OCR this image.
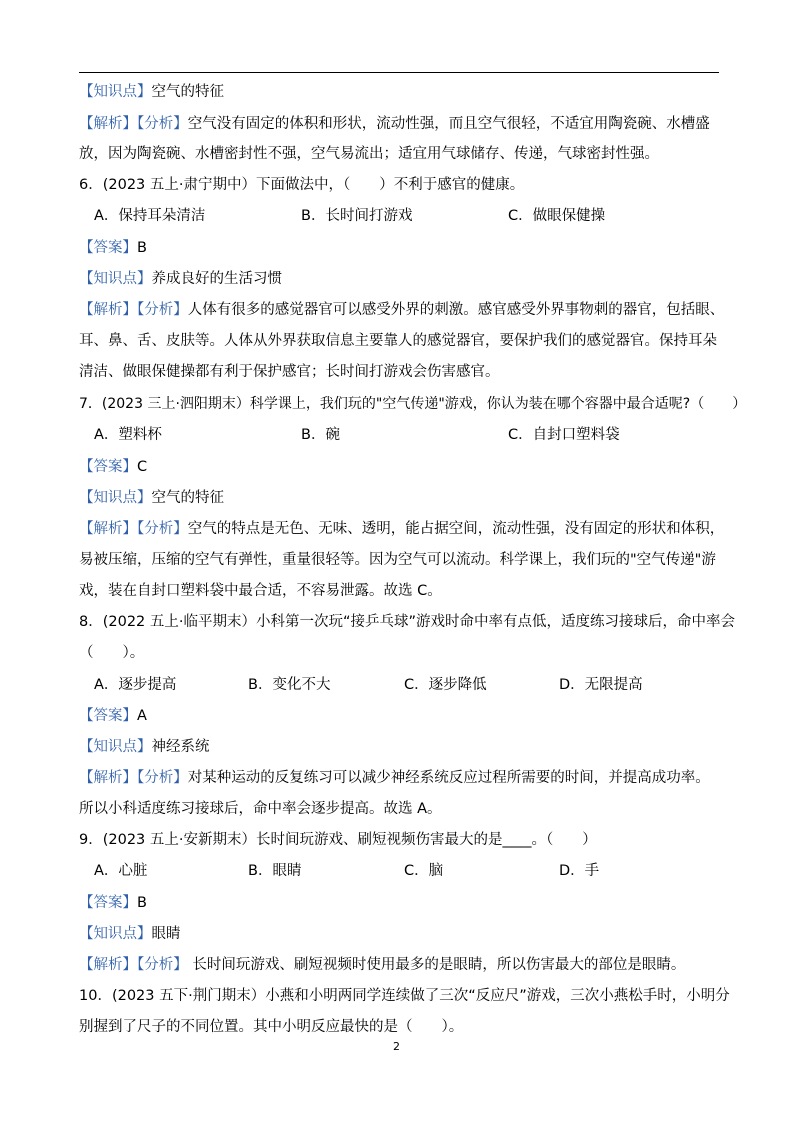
【知识点】空气的特征
【解析】【分析】空气没有固定的体积和形状，流动性强，而且空气很轻，不适宜用陶瓷碗、水槽盛
放，因为陶瓷碗、水槽密封性不强，空气易流出；适宜用气球储存、传递，气球密封性强。
6．(2023 五上·肃宁期中）下面做法中，（　　）不利于感官的健康。
A．保持耳朵清洁	B．长时间打游戏	C．做眼保健操
【答案】B
【知识点】养成良好的生活习惯
【解析】【分析】人体有很多的感觉器官可以感受外界的刺激。感官感受外界事物刺的器官，包括眼、
耳、鼻、舌、皮肤等。人体从外界获取信息主要靠人的感觉器官，要保护我们的感觉器官。保持耳朵
清洁、做眼保健操都有利于保护感官；长时间打游戏会伤害感官。
7．(2023 三上·泗阳期末）科学课上，我们玩的"空气传递"游戏，你认为装在哪个容器中最合适呢?（　　）
A．塑料杯	B．碗	C．自封口塑料袋
【答案】C
【知识点】空气的特征
【解析】【分析】空气的特点是无色、无味、透明，能占据空间，流动性强，没有固定的形状和体积，
易被压缩，压缩的空气有弹性，重量很轻等。因为空气可以流动。科学课上，我们玩的"空气传递"游
戏，装在自封口塑料袋中最合适，不容易泄露。故选 C。
8．(2022 五上·临平期末）小科第一次玩“接乒乓球”游戏时命中率有点低，适度练习接球后，命中率会
（　　）。
A．逐步提高	B．变化不大	C．逐步降低	D．无限提高
【答案】A
【知识点】神经系统
【解析】【分析】对某种运动的反复练习可以减少神经系统反应过程所需要的时间，并提高成功率。
所以小科适度练习接球后，命中率会逐步提高。故选 A。
9．(2023 五上·安新期末）长时间玩游戏、刷短视频伤害最大的是____。（　　）
A．心脏	B．眼睛	C．脑	D．手
【答案】B
【知识点】眼睛
【解析】【分析】 长时间玩游戏、刷短视频时使用最多的是眼睛，所以伤害最大的部位是眼睛。
10．(2023 五下·荆门期末）小燕和小明两同学连续做了三次“反应尺”游戏，三次小燕松手时，小明分
别握到了尺子的不同位置。其中小明反应最快的是（　　）。
2
